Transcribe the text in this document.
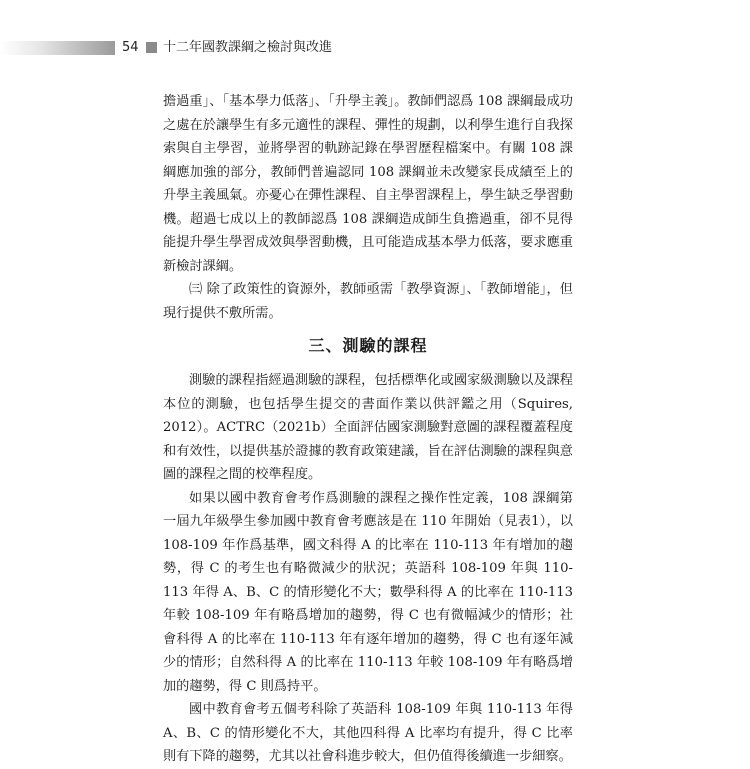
54 十二年國教課綱之檢討與改進

擔過重」、「基本學力低落」、「升學主義」。教師們認爲 108 課綱最成功之處在於讓學生有多元適性的課程、彈性的規劃，以利學生進行自我探索與自主學習，並將學習的軌跡記錄在學習歷程檔案中。有關 108 課綱應加強的部分，教師們普遍認同 108 課綱並未改變家長成績至上的升學主義風氣。亦憂心在彈性課程、自主學習課程上，學生缺乏學習動機。超過七成以上的教師認爲 108 課綱造成師生負擔過重，卻不見得能提升學生學習成效與學習動機，且可能造成基本學力低落，要求應重新檢討課綱。

㈢ 除了政策性的資源外，教師亟需「教學資源」、「教師增能」，但現行提供不敷所需。

三、測驗的課程

測驗的課程指經過測驗的課程，包括標準化或國家級測驗以及課程本位的測驗，也包括學生提交的書面作業以供評鑑之用（Squires, 2012）。ACTRC（2021b）全面評估國家測驗對意圖的課程覆蓋程度和有效性，以提供基於證據的教育政策建議，旨在評估測驗的課程與意圖的課程之間的校準程度。

如果以國中教育會考作爲測驗的課程之操作性定義，108 課綱第一屆九年級學生參加國中教育會考應該是在 110 年開始（見表1），以 108-109 年作爲基準，國文科得 A 的比率在 110-113 年有增加的趨勢，得 C 的考生也有略微減少的狀況；英語科 108-109 年與 110-113 年得 A、B、C 的情形變化不大；數學科得 A 的比率在 110-113 年較 108-109 年有略爲增加的趨勢，得 C 也有微幅減少的情形；社會科得 A 的比率在 110-113 年有逐年增加的趨勢，得 C 也有逐年減少的情形；自然科得 A 的比率在 110-113 年較 108-109 年有略爲增加的趨勢，得 C 則爲持平。

國中教育會考五個考科除了英語科 108-109 年與 110-113 年得 A、B、C 的情形變化不大，其他四科得 A 比率均有提升，得 C 比率則有下降的趨勢，尤其以社會科進步較大，但仍值得後續進一步細察。
